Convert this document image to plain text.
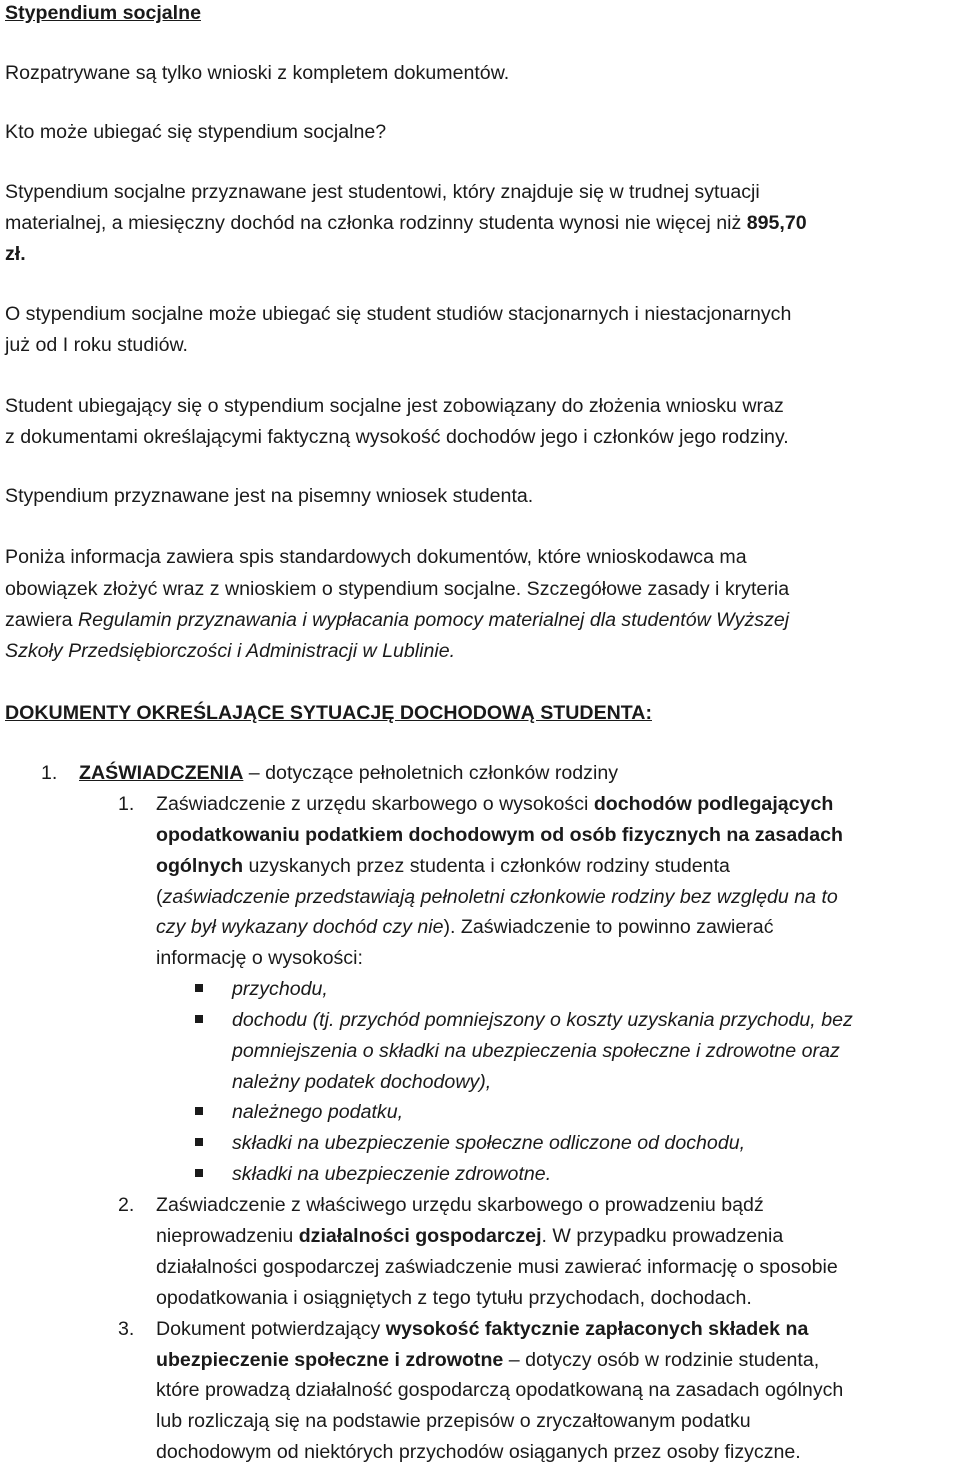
Stypendium socjalne
Rozpatrywane są tylko wnioski z kompletem dokumentów.
Kto może ubiegać się stypendium socjalne?
Stypendium socjalne przyznawane jest studentowi, który znajduje się w trudnej sytuacji
materialnej, a miesięczny dochód na członka rodzinny studenta wynosi nie więcej niż 895,70
zł.
O stypendium socjalne może ubiegać się student studiów stacjonarnych i niestacjonarnych
już od I roku studiów.
Student ubiegający się o stypendium socjalne jest zobowiązany do złożenia wniosku wraz
z dokumentami określającymi faktyczną wysokość dochodów jego i członków jego rodziny.
Stypendium przyznawane jest na pisemny wniosek studenta.
Poniża informacja zawiera spis standardowych dokumentów, które wnioskodawca ma
obowiązek złożyć wraz z wnioskiem o stypendium socjalne. Szczegółowe zasady i kryteria
zawiera Regulamin przyznawania i wypłacania pomocy materialnej dla studentów Wyższej
Szkoły Przedsiębiorczości i Administracji w Lublinie.
DOKUMENTY OKREŚLAJĄCE SYTUACJĘ DOCHODOWĄ STUDENTA:
1. ZAŚWIADCZENIA – dotyczące pełnoletnich członków rodziny
1. Zaświadczenie z urzędu skarbowego o wysokości dochodów podlegających
opodatkowaniu podatkiem dochodowym od osób fizycznych na zasadach
ogólnych uzyskanych przez studenta i członków rodziny studenta
(zaświadczenie przedstawiają pełnoletni członkowie rodziny bez względu na to
czy był wykazany dochód czy nie). Zaświadczenie to powinno zawierać
informację o wysokości:
przychodu,
dochodu (tj. przychód pomniejszony o koszty uzyskania przychodu, bez
pomniejszenia o składki na ubezpieczenia społeczne i zdrowotne oraz
należny podatek dochodowy),
należnego podatku,
składki na ubezpieczenie społeczne odliczone od dochodu,
składki na ubezpieczenie zdrowotne.
2. Zaświadczenie z właściwego urzędu skarbowego o prowadzeniu bądź
nieprowadzeniu działalności gospodarczej. W przypadku prowadzenia
działalności gospodarczej zaświadczenie musi zawierać informację o sposobie
opodatkowania i osiągniętych z tego tytułu przychodach, dochodach.
3. Dokument potwierdzający wysokość faktycznie zapłaconych składek na
ubezpieczenie społeczne i zdrowotne – dotyczy osób w rodzinie studenta,
które prowadzą działalność gospodarczą opodatkowaną na zasadach ogólnych
lub rozliczają się na podstawie przepisów o zryczałtowanym podatku
dochodowym od niektórych przychodów osiąganych przez osoby fizyczne.
